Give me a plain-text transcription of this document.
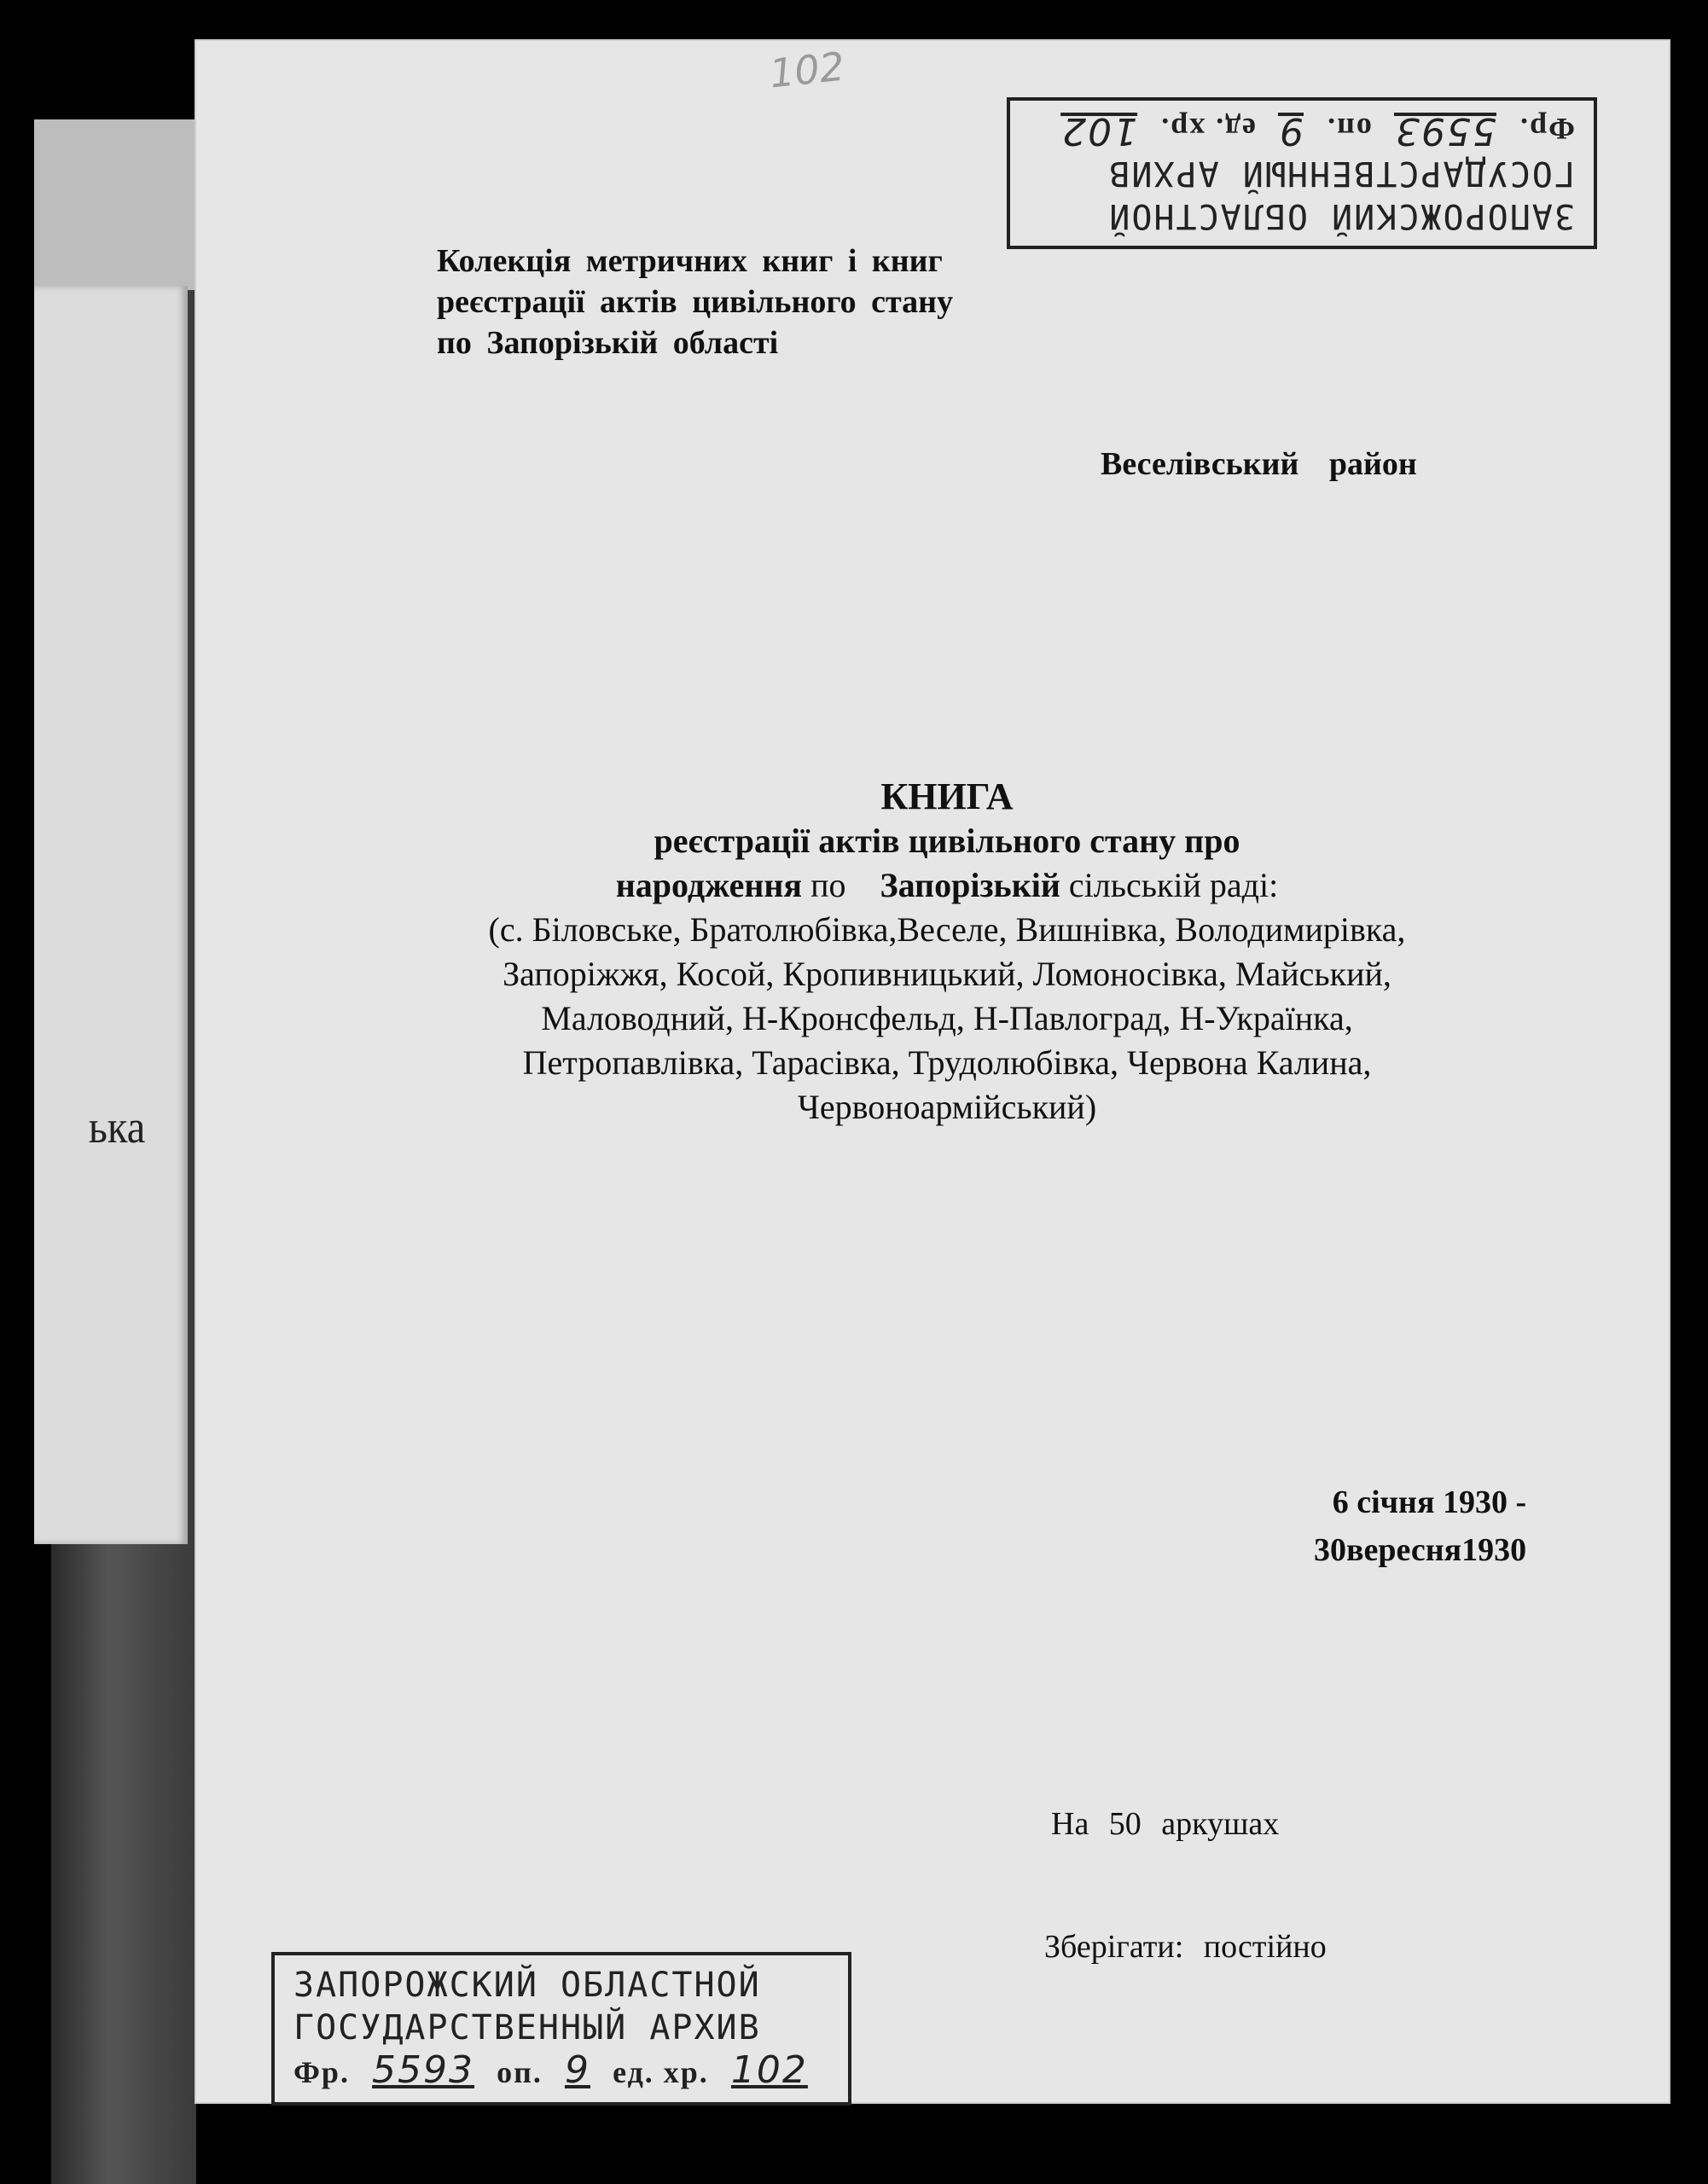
ька
102
ЗАПОРОЖСКИЙ ОБЛАСТНОЙ
ГОСУДАРСТВЕННЫЙ АРХИВ
Фр. 5593 оп. 9 ед. хр. 102
Колекція метричних книг і книг
реєстрації актів цивільного стану
по Запорізькій області
Веселівський район
КНИГА
реєстрації актів цивільного стану про
народження по    Запорізькій сільській раді:
(с. Біловське, Братолюбівка,Веселе, Вишнівка, Володимирівка,
Запоріжжя, Косой, Кропивницький, Ломоносівка, Майський,
Маловодний, Н-Кронсфельд, Н-Павлоград, Н-Українка,
Петропавлівка, Тарасівка, Трудолюбівка, Червона Калина,
Червоноармійський)
6 січня 1930 -
30вересня1930
На 50 аркушах
Зберігати: постійно
ЗАПОРОЖСКИЙ ОБЛАСТНОЙ
ГОСУДАРСТВЕННЫЙ АРХИВ
Фр. 5593 оп. 9 ед. хр. 102
